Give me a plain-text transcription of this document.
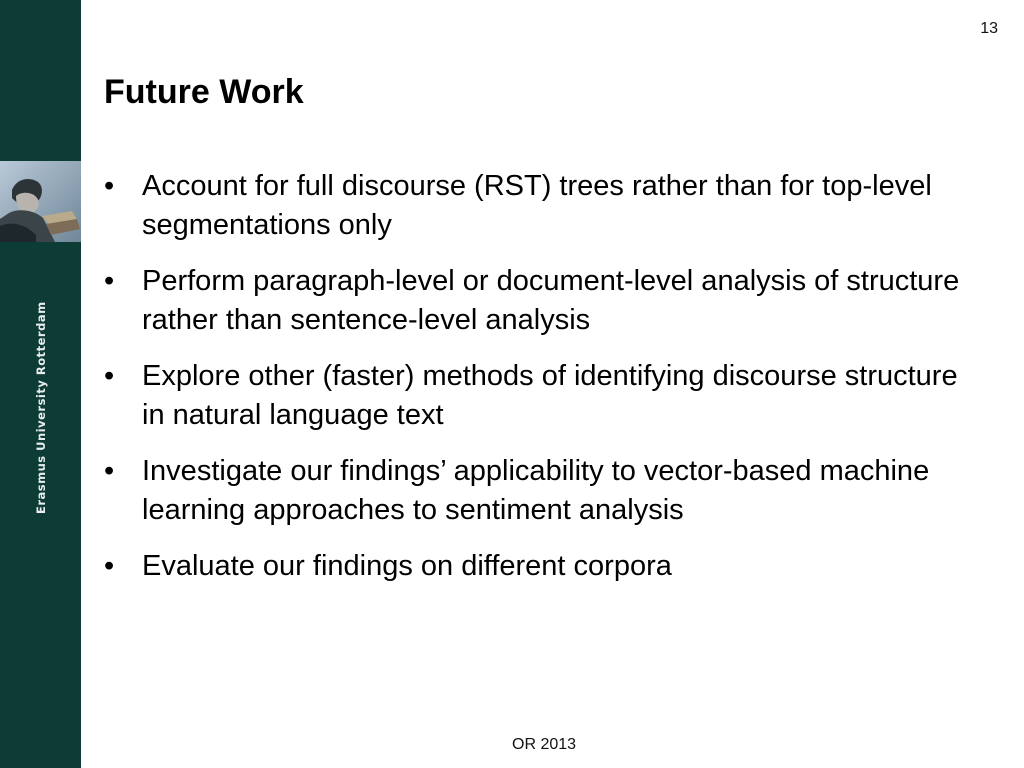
Erasmus University Rotterdam
13
Future Work
• Account for full discourse (RST) trees rather than for top-level segmentations only
• Perform paragraph-level or document-level analysis of structure rather than sentence-level analysis
• Explore other (faster) methods of identifying discourse structure in natural language text
• Investigate our findings’ applicability to vector-based machine learning approaches to sentiment analysis
• Evaluate our findings on different corpora
OR 2013
